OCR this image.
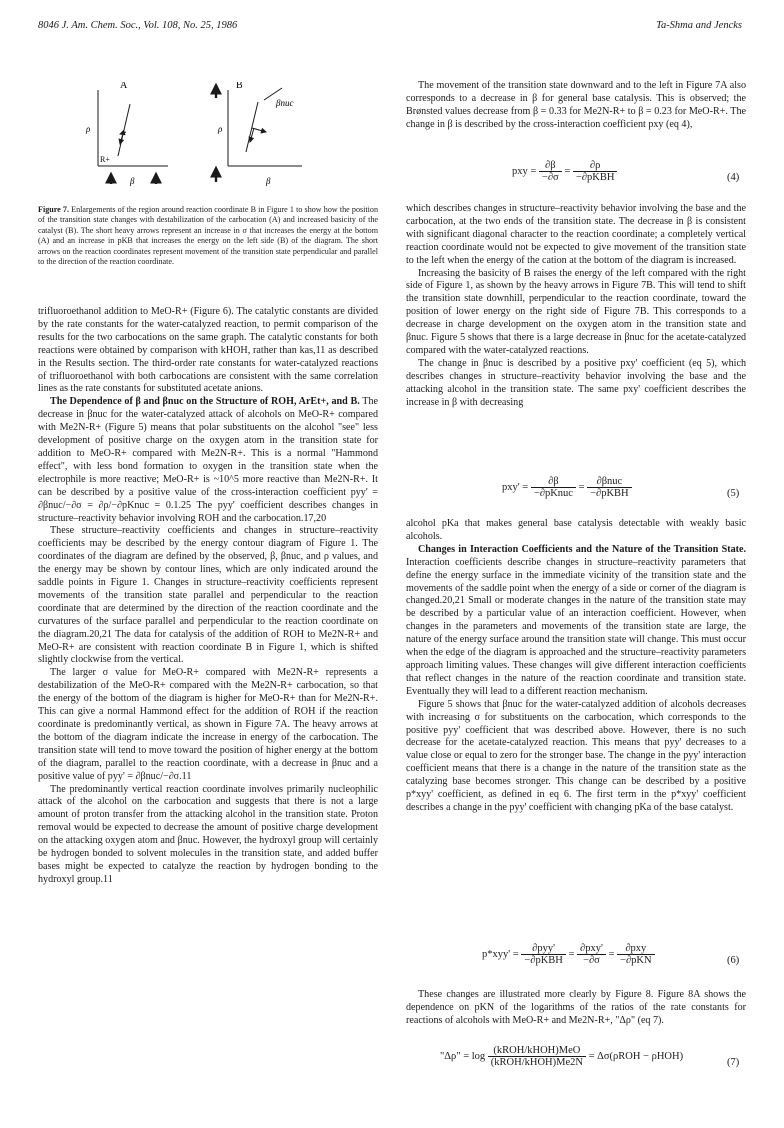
8046 J. Am. Chem. Soc., Vol. 108, No. 25, 1986	Ta-Shma and Jencks
A
ρ
R+
β
B
ρ
βnuc
β
Figure 7. Enlargements of the region around reaction coordinate B in Figure 1 to show how the position of the transition state changes with destabilization of the carbocation (A) and increased basicity of the catalyst (B). The short heavy arrows represent an increase in σ that increases the energy at the bottom (A) and an increase in pKB that increases the energy on the left side (B) of the diagram. The short arrows on the reaction coordinates represent movement of the transition state perpendicular and parallel to the direction of the reaction coordinate.

trifluoroethanol addition to MeO-R+ (Figure 6). The catalytic constants are divided by the rate constants for the water-catalyzed reaction, to permit comparison of the results for the two carbocations on the same graph. The catalytic constants for both reactions were obtained by comparison with kHOH, rather than kas,11 as described in the Results section. The third-order rate constants for water-catalyzed reactions of trifluoroethanol with both carbocations are consistent with the same correlation lines as the rate constants for substituted acetate anions.

The Dependence of β and βnuc on the Structure of ROH, ArEt+, and B. The decrease in βnuc for the water-catalyzed attack of alcohols on MeO-R+ compared with Me2N-R+ (Figure 5) means that polar substituents on the alcohol "see" less development of positive charge on the oxygen atom in the transition state for addition to MeO-R+ compared with Me2N-R+. This is a normal "Hammond effect", with less bond formation to oxygen in the transition state when the electrophile is more reactive; MeO-R+ is ~10^5 more reactive than Me2N-R+. It can be described by a positive value of the cross-interaction coefficient pyy' = ∂βnuc/−∂σ = ∂ρ/−∂pKnuc = 0.1.25 The pyy' coefficient describes changes in structure–reactivity behavior involving ROH and the carbocation.17,20

These structure–reactivity coefficients and changes in structure–reactivity coefficients may be described by the energy contour diagram of Figure 1. The coordinates of the diagram are defined by the observed, β, βnuc, and ρ values, and the energy may be shown by contour lines, which are only indicated around the saddle points in Figure 1. Changes in structure–reactivity coefficients represent movements of the transition state parallel and perpendicular to the reaction coordinate that are determined by the direction of the reaction coordinate and the curvatures of the surface parallel and perpendicular to the reaction coordinate on the diagram.20,21 The data for catalysis of the addition of ROH to Me2N-R+ and MeO-R+ are consistent with reaction coordinate B in Figure 1, which is shifted slightly clockwise from the vertical.

The larger σ value for MeO-R+ compared with Me2N-R+ represents a destabilization of the MeO-R+ compared with the Me2N-R+ carbocation, so that the energy of the bottom of the diagram is higher for MeO-R+ than for Me2N-R+. This can give a normal Hammond effect for the addition of ROH if the reaction coordinate is predominantly vertical, as shown in Figure 7A. The heavy arrows at the bottom of the diagram indicate the increase in energy of the carbocation. The transition state will tend to move toward the position of higher energy at the bottom of the diagram, parallel to the reaction coordinate, with a decrease in βnuc and a positive value of pyy' = ∂βnuc/−∂σ.11

The predominantly vertical reaction coordinate involves primarily nucleophilic attack of the alcohol on the carbocation and suggests that there is not a large amount of proton transfer from the attacking alcohol in the transition state. Proton removal would be expected to decrease the amount of positive charge development on the attacking oxygen atom and βnuc. However, the hydroxyl group will certainly be hydrogen bonded to solvent molecules in the transition state, and added buffer bases might be expected to catalyze the reaction by hydrogen bonding to the hydroxyl group.11

The movement of the transition state downward and to the left in Figure 7A also corresponds to a decrease in β for general base catalysis. This is observed; the Brønsted values decrease from β = 0.33 for Me2N-R+ to β = 0.23 for MeO-R+. The change in β is described by the cross-interaction coefficient pxy (eq 4),

pxy = $\frac{\partial\beta}{-\partial\sigma} = \frac{\partial\rho}{\text{−∂pKBH}}$	(4)

which describes changes in structure–reactivity behavior involving the base and the carbocation, at the two ends of the transition state. The decrease in β is consistent with significant diagonal character to the reaction coordinate; a completely vertical reaction coordinate would not be expected to give movement of the transition state to the left when the energy of the cation at the bottom of the diagram is increased.

Increasing the basicity of B raises the energy of the left compared with the right side of Figure 1, as shown by the heavy arrows in Figure 7B. This will tend to shift the transition state downhill, perpendicular to the reaction coordinate, toward the position of lower energy on the right side of Figure 7B. This corresponds to a decrease in charge development on the oxygen atom in the transition state and βnuc. Figure 5 shows that there is a large decrease in βnuc for the acetate-catalyzed compared with the water-catalyzed reactions.

The change in βnuc is described by a positive pxy' coefficient (eq 5), which describes changes in structure–reactivity behavior involving the base and the attacking alcohol in the transition state. The same pxy' coefficient describes the increase in β with decreasing

$pxy' = \frac{\partial\beta}{\text{−∂pKnuc}} = \frac{\text{∂βnuc}}{\text{−∂pKBH}}$	(5)

alcohol pKa that makes general base catalysis detectable with weakly basic alcohols.

Changes in Interaction Coefficients and the Nature of the Transition State. Interaction coefficients describe changes in structure–reactivity parameters that define the energy surface in the immediate vicinity of the transition state and the movements of the saddle point when the energy of a side or corner of the diagram is changed.20,21 Small or moderate changes in the nature of the transition state may be described by a particular value of an interaction coefficient. However, when changes in the parameters and movements of the transition state are large, the nature of the energy surface around the transition state will change. This must occur when the edge of the diagram is approached and the structure–reactivity parameters approach limiting values. These changes will give different interaction coefficients that reflect changes in the nature of the reaction coordinate and transition state. Eventually they will lead to a different reaction mechanism.

Figure 5 shows that βnuc for the water-catalyzed addition of alcohols decreases with increasing σ for substituents on the carbocation, which corresponds to the positive pyy' coefficient that was described above. However, there is no such decrease for the acetate-catalyzed reaction. This means that pyy' decreases to a value close or equal to zero for the stronger base. The change in the pyy' interaction coefficient means that there is a change in the nature of the transition state as the catalyzing base becomes stronger. This change can be described by a positive p*xyy' coefficient, as defined in eq 6. The first term in the p*xyy' coefficient describes a change in the pyy' coefficient with changing pKa of the base catalyst.

$p*xyy' = \frac{\text{∂pyy'}}{\text{−∂pKBH}} = \frac{\text{∂pxy'}}{-\partial\sigma} = \frac{\text{∂pxy}}{\text{−∂pKN}}$	(6)

These changes are illustrated more clearly by Figure 8. Figure 8A shows the dependence on pKN of the logarithms of the ratios of the rate constants for reactions of alcohols with MeO-R+ and Me2N-R+, "Δρ" (eq 7).

"Δρ" = $\log \frac{\text{(kROH/kHOH)MeO}}{\text{(kROH/kHOH)Me2N}} = \Delta\sigma(\rho ROH - \rho HOH)$
(7)
